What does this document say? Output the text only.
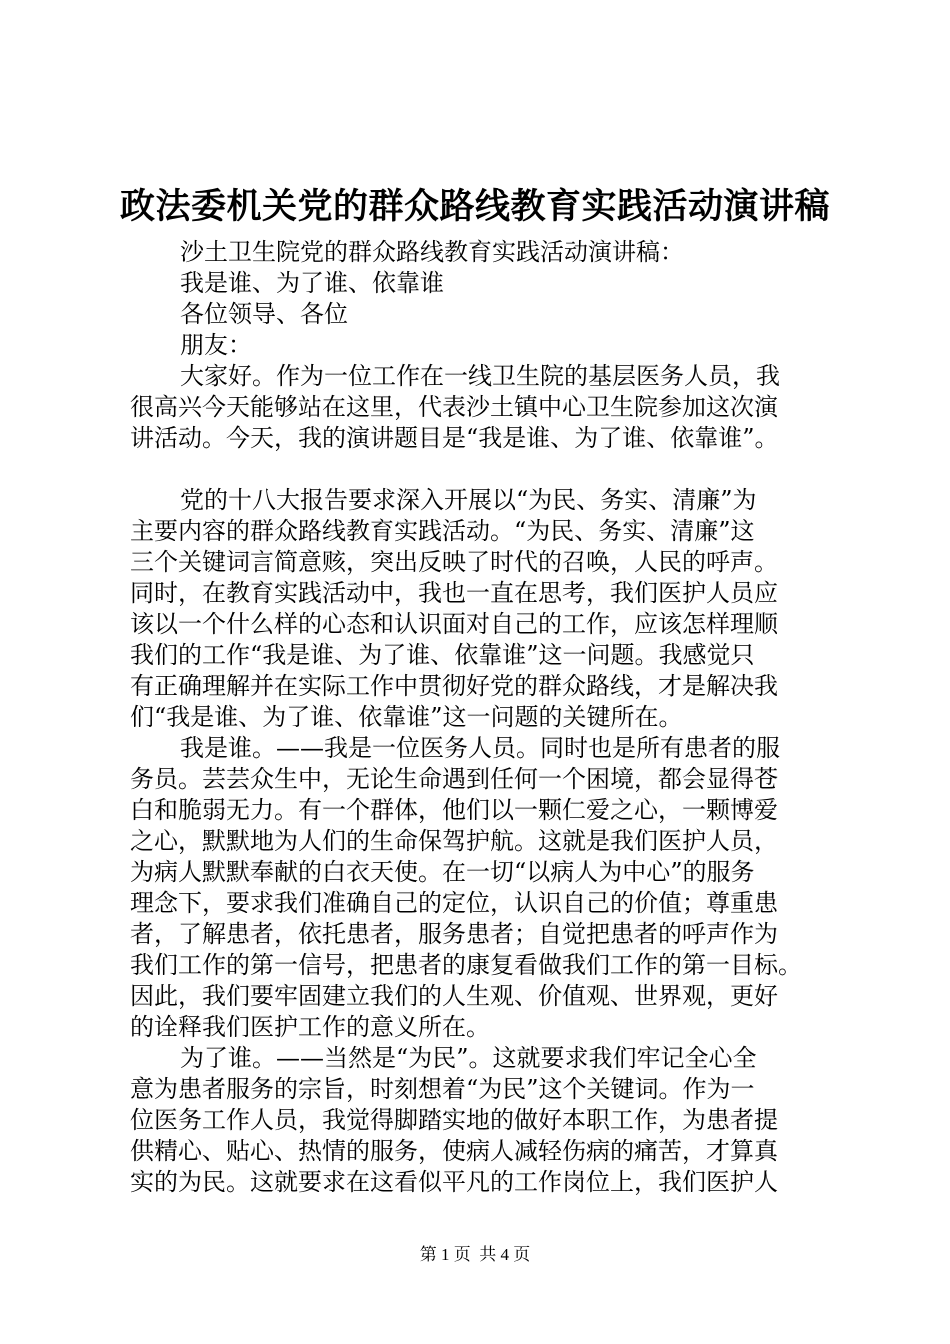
政法委机关党的群众路线教育实践活动演讲稿
沙土卫生院党的群众路线教育实践活动演讲稿：
我是谁、为了谁、依靠谁
各位领导、各位
朋友：
大家好。作为一位工作在一线卫生院的基层医务人员，我
很高兴今天能够站在这里，代表沙土镇中心卫生院参加这次演
讲活动。今天，我的演讲题目是“我是谁、为了谁、依靠谁”。
党的十八大报告要求深入开展以“为民、务实、清廉”为
主要内容的群众路线教育实践活动。“为民、务实、清廉”这
三个关键词言简意赅，突出反映了时代的召唤，人民的呼声。
同时，在教育实践活动中，我也一直在思考，我们医护人员应
该以一个什么样的心态和认识面对自己的工作，应该怎样理顺
我们的工作“我是谁、为了谁、依靠谁”这一问题。我感觉只
有正确理解并在实际工作中贯彻好党的群众路线，才是解决我
们“我是谁、为了谁、依靠谁”这一问题的关键所在。
我是谁。——我是一位医务人员。同时也是所有患者的服
务员。芸芸众生中，无论生命遇到任何一个困境，都会显得苍
白和脆弱无力。有一个群体，他们以一颗仁爱之心，一颗博爱
之心，默默地为人们的生命保驾护航。这就是我们医护人员，
为病人默默奉献的白衣天使。在一切“以病人为中心”的服务
理念下，要求我们准确自己的定位，认识自己的价值；尊重患
者，了解患者，依托患者，服务患者；自觉把患者的呼声作为
我们工作的第一信号，把患者的康复看做我们工作的第一目标。
因此，我们要牢固建立我们的人生观、价值观、世界观，更好
的诠释我们医护工作的意义所在。
为了谁。——当然是“为民”。这就要求我们牢记全心全
意为患者服务的宗旨，时刻想着“为民”这个关键词。作为一
位医务工作人员，我觉得脚踏实地的做好本职工作，为患者提
供精心、贴心、热情的服务，使病人减轻伤病的痛苦，才算真
实的为民。这就要求在这看似平凡的工作岗位上，我们医护人
第 1 页 共 4 页
